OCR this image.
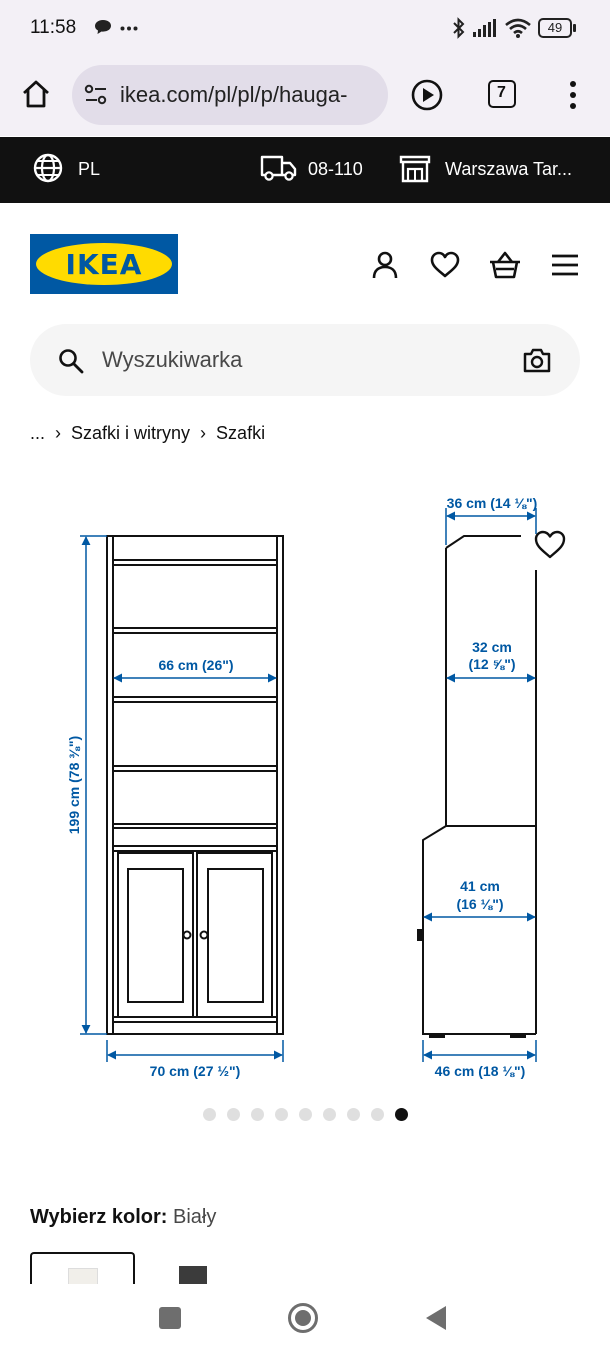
11:58	49
ikea.com/pl/pl/p/hauga-	7
PL	08-110	Warszawa Tar...
IKEA
Wyszukiwarka
... › Szafki i witryny › Szafki
199 cm (78 ⅜")
66 cm (26")
70 cm (27 ½")
36 cm (14 ⅛")
32 cm
(12 ⅝")
41 cm
(16 ⅛")
46 cm (18 ⅛")
Wybierz kolor: Biały
